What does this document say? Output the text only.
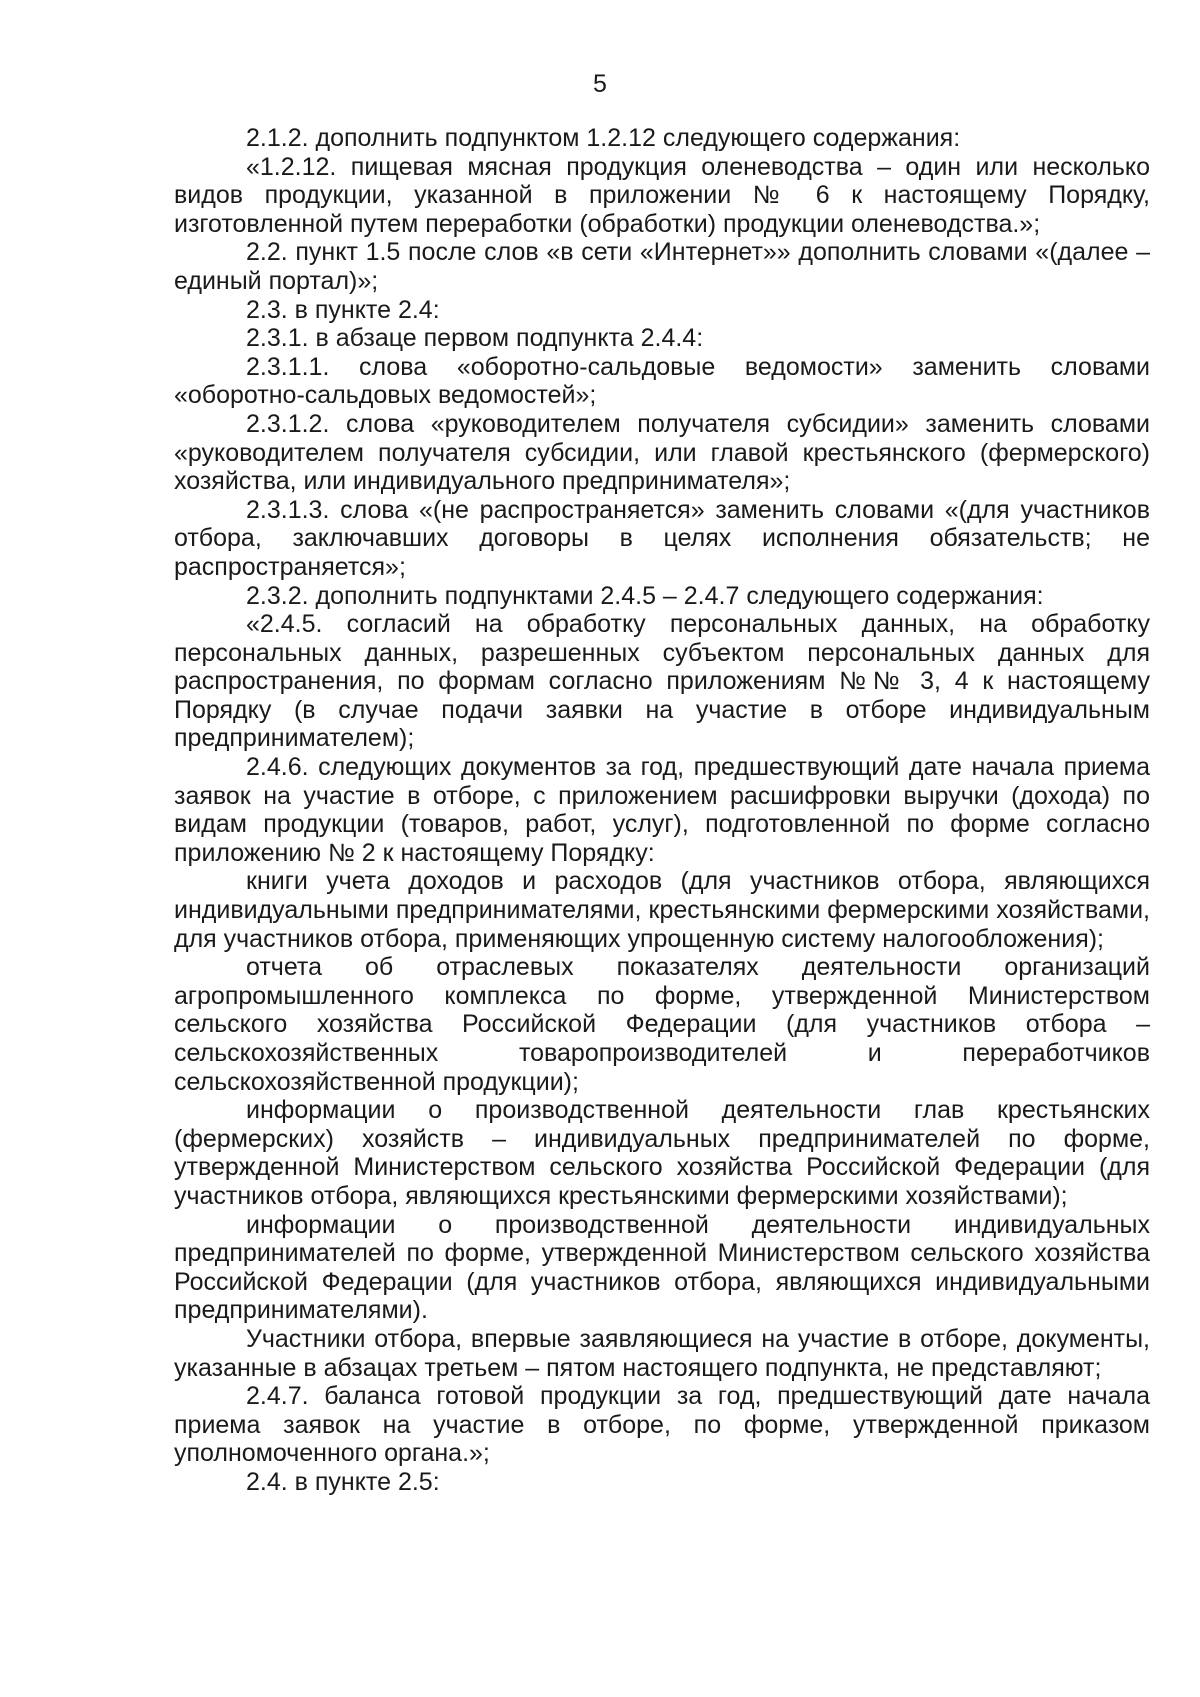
5

2.1.2. дополнить подпунктом 1.2.12 следующего содержания:

«1.2.12. пищевая мясная продукция оленеводства – один или несколько видов продукции, указанной в приложении № 6 к настоящему Порядку, изготовленной путем переработки (обработки) продукции оленеводства.»;

2.2. пункт 1.5 после слов «в сети «Интернет»» дополнить словами «(далее – единый портал)»;

2.3. в пункте 2.4:

2.3.1. в абзаце первом подпункта 2.4.4:

2.3.1.1. слова «оборотно-сальдовые ведомости» заменить словами «оборотно-сальдовых ведомостей»;

2.3.1.2. слова «руководителем получателя субсидии» заменить словами «руководителем получателя субсидии, или главой крестьянского (фермерского) хозяйства, или индивидуального предпринимателя»;

2.3.1.3. слова «(не распространяется» заменить словами «(для участников отбора, заключавших договоры в целях исполнения обязательств; не распространяется»;

2.3.2. дополнить подпунктами 2.4.5 – 2.4.7 следующего содержания:

«2.4.5. согласий на обработку персональных данных, на обработку персональных данных, разрешенных субъектом персональных данных для распространения, по формам согласно приложениям №№ 3, 4 к настоящему Порядку (в случае подачи заявки на участие в отборе индивидуальным предпринимателем);

2.4.6. следующих документов за год, предшествующий дате начала приема заявок на участие в отборе, с приложением расшифровки выручки (дохода) по видам продукции (товаров, работ, услуг), подготовленной по форме согласно приложению № 2 к настоящему Порядку:

книги учета доходов и расходов (для участников отбора, являющихся индивидуальными предпринимателями, крестьянскими фермерскими хозяйствами, для участников отбора, применяющих упрощенную систему налогообложения);

отчета об отраслевых показателях деятельности организаций агропромышленного комплекса по форме, утвержденной Министерством сельского хозяйства Российской Федерации (для участников отбора – сельскохозяйственных товаропроизводителей и переработчиков сельскохозяйственной продукции);

информации о производственной деятельности глав крестьянских (фермерских) хозяйств – индивидуальных предпринимателей по форме, утвержденной Министерством сельского хозяйства Российской Федерации (для участников отбора, являющихся крестьянскими фермерскими хозяйствами);

информации о производственной деятельности индивидуальных предпринимателей по форме, утвержденной Министерством сельского хозяйства Российской Федерации (для участников отбора, являющихся индивидуальными предпринимателями).

Участники отбора, впервые заявляющиеся на участие в отборе, документы, указанные в абзацах третьем – пятом настоящего подпункта, не представляют;

2.4.7. баланса готовой продукции за год, предшествующий дате начала приема заявок на участие в отборе, по форме, утвержденной приказом уполномоченного органа.»;

2.4. в пункте 2.5:
